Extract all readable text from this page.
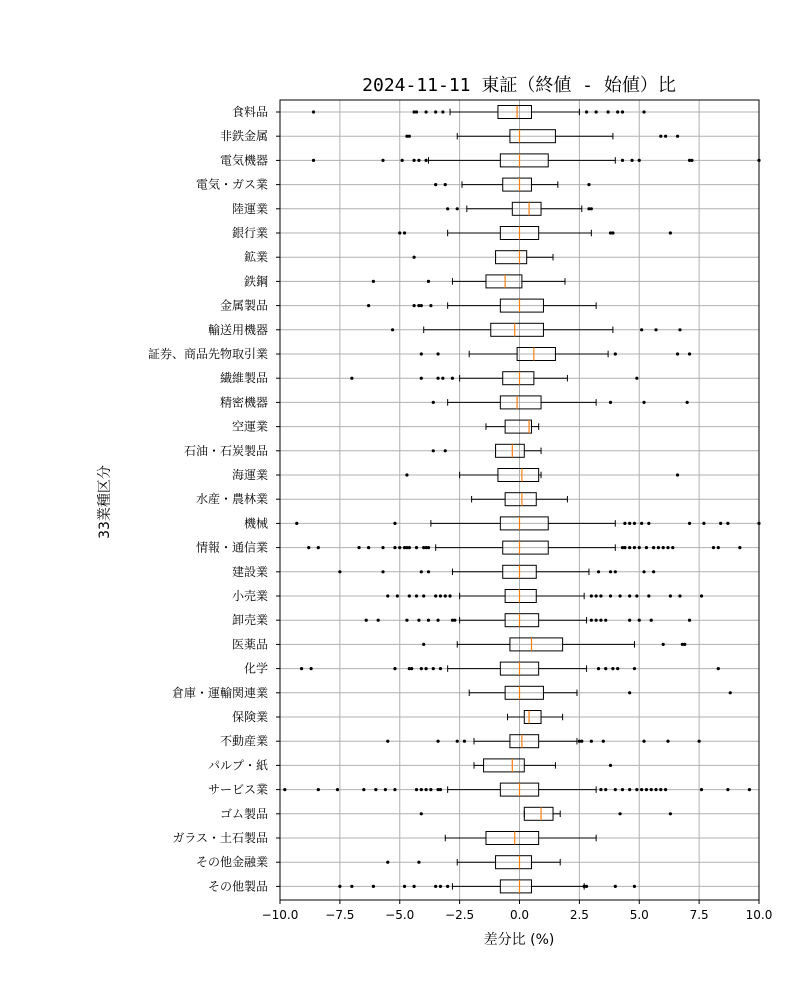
2024-11-11 東証（終値 - 始値）比
−10.0 −7.5	−5.0	−2.5	0.0	2.5	5.0	7.5	10.0
食料品
非鉄金属
電気機器
電気・ガス業
陸運業
銀行業
鉱業
鉄鋼
金属製品
輸送用機器
証券、商品先物取引業
繊維製品
精密機器
空運業
石油・石炭製品
海運業
水産・農林業
機械
情報・通信業
建設業
小売業
卸売業
医薬品
化学
倉庫・運輸関連業
保険業
不動産業
パルプ・紙
サービス業
ゴム製品
ガラス・土石製品
その他金融業
その他製品
差分比 (%)
33業種区分
